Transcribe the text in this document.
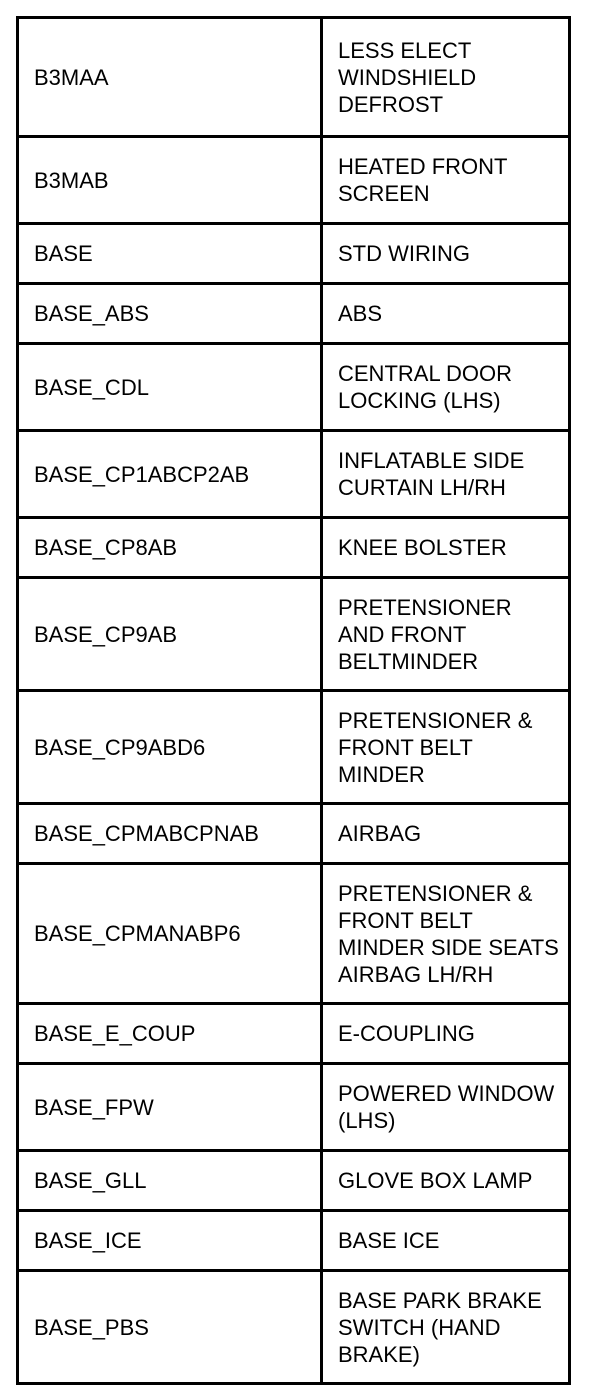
B3MAA	LESS ELECT
WINDSHIELD
DEFROST

B3MAB	HEATED FRONT
SCREEN

BASE	STD WIRING

BASE_ABS	ABS

BASE_CDL	CENTRAL DOOR
LOCKING (LHS)

BASE_CP1ABCP2AB	INFLATABLE SIDE
CURTAIN LH/RH

BASE_CP8AB	KNEE BOLSTER

BASE_CP9AB	PRETENSIONER
AND FRONT
BELTMINDER

BASE_CP9ABD6	PRETENSIONER &
FRONT BELT
MINDER

BASE_CPMABCPNAB	AIRBAG

BASE_CPMANABP6	PRETENSIONER &
FRONT BELT
MINDER SIDE SEATS
AIRBAG LH/RH

BASE_E_COUP	E-COUPLING

BASE_FPW	POWERED WINDOW
(LHS)

BASE_GLL	GLOVE BOX LAMP

BASE_ICE	BASE ICE

BASE_PBS	BASE PARK BRAKE
SWITCH (HAND
BRAKE)
